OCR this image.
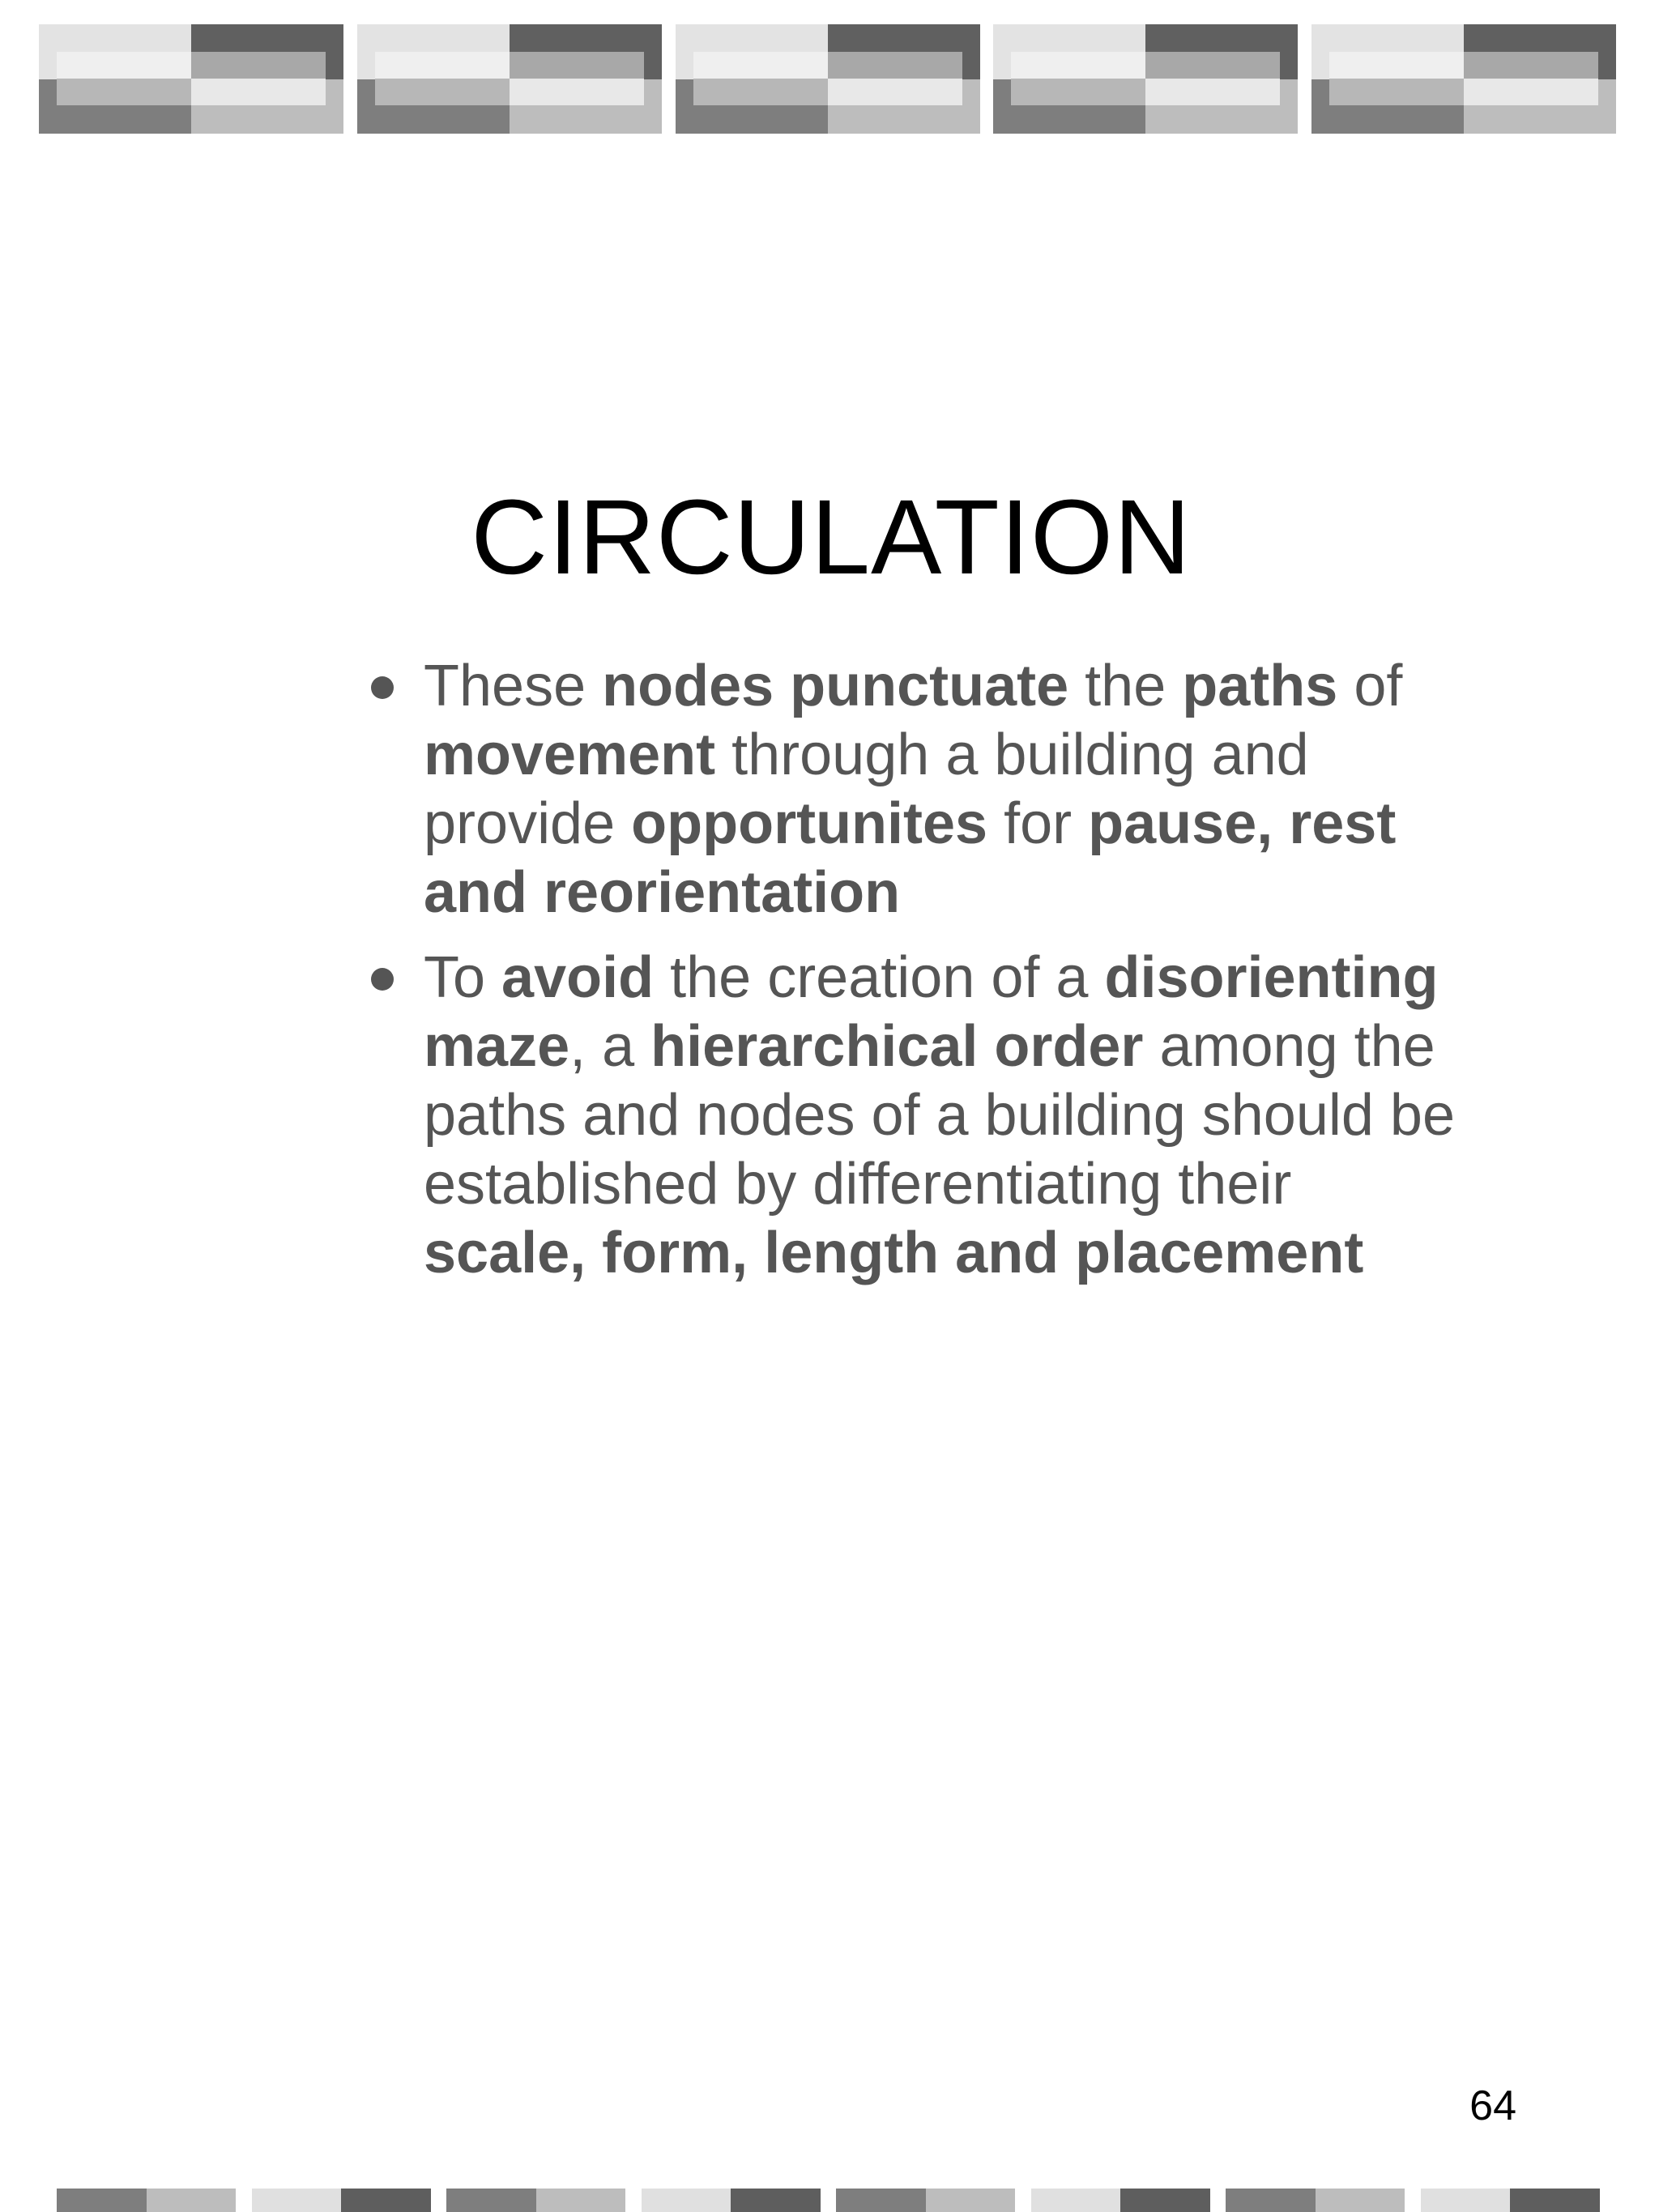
CIRCULATION
These nodes punctuate the paths of
movement through a building and
provide opportunites for pause, rest
and reorientation
To avoid the creation of a disorienting
maze, a hierarchical order among the
paths and nodes of a building should be
established by differentiating their
scale, form, length and placement
64
